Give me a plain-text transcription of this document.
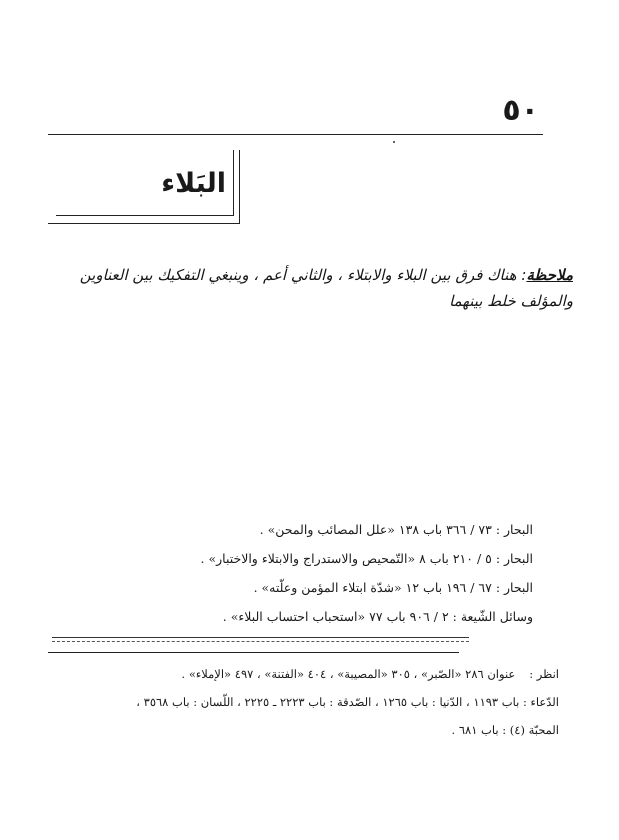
٥٠
البَلاء
ملاحظة: هناك فرق بين البلاء والابتلاء ، والثاني أعم ، وينبغي التفكيك بين العناوين
والمؤلف خلط بينهما
البحار : ٧٣ / ٣٦٦ باب ١٣٨ «علل المصائب والمحن» .
البحار : ٥ / ٢١٠ باب ٨ «التّمحيص والاستدراج والابتلاء والاختبار» .
البحار : ٦٧ / ١٩٦ باب ١٢ «شدّة ابتلاء المؤمن وعلّته» .
وسائل الشّيعة : ٢ / ٩٠٦ باب ٧٧ «استحباب احتساب البلاء» .
انظر :عنوان ٢٨٦ «الصّبر» ، ٣٠٥ «المصيبة» ، ٤٠٤ «الفتنة» ، ٤٩٧ «الإملاء» .
الدّعاء : باب ١١٩٣ ، الدّنيا : باب ١٢٦٥ ، الصّدقة : باب ٢٢٢٣ ـ ٢٢٢٥ ، اللّسان : باب ٣٥٦٨ ،
المحبّة (٤) : باب ٦٨١ .
